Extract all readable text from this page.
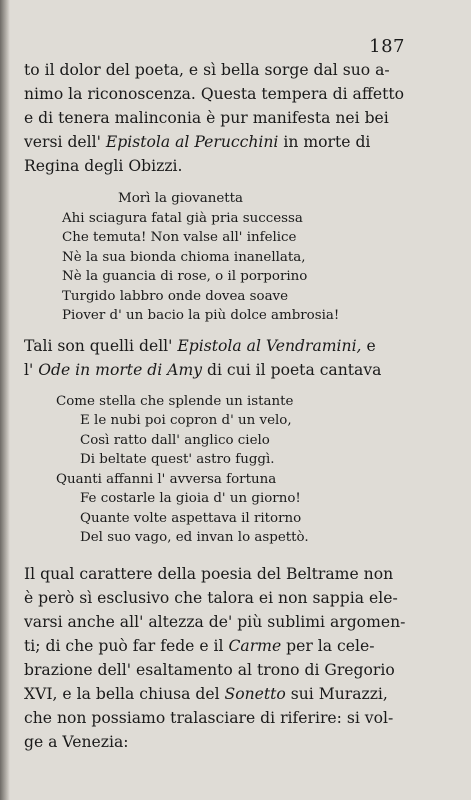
187

to il dolor del poeta, e sì bella sorge dal suo a-
nimo la riconoscenza. Questa tempera di affetto
e di tenera malinconia è pur manifesta nei bei
versi dell' Epistola al Perucchini in morte di
Regina degli Obizzi.

Morì la giovanetta
Ahi sciagura fatal già pria successa
Che temuta! Non valse all' infelice
Nè la sua bionda chioma inanellata,
Nè la guancia di rose, o il porporino
Turgido labbro onde dovea soave
Piover d' un bacio la più dolce ambrosia!

Tali son quelli dell' Epistola al Vendramini, e
l' Ode in morte di Amy di cui il poeta cantava

Come stella che splende un istante
E le nubi poi copron d' un velo,
Così ratto dall' anglico cielo
Di beltate quest' astro fuggì.
Quanti affanni l' avversa fortuna
Fe costarle la gioia d' un giorno!
Quante volte aspettava il ritorno
Del suo vago, ed invan lo aspettò.

Il qual carattere della poesia del Beltrame non
è però sì esclusivo che talora ei non sappia ele-
varsi anche all' altezza de' più sublimi argomen-
ti; di che può far fede e il Carme per la cele-
brazione dell' esaltamento al trono di Gregorio
XVI, e la bella chiusa del Sonetto sui Murazzi,
che non possiamo tralasciare di riferire: si vol-
ge a Venezia:
